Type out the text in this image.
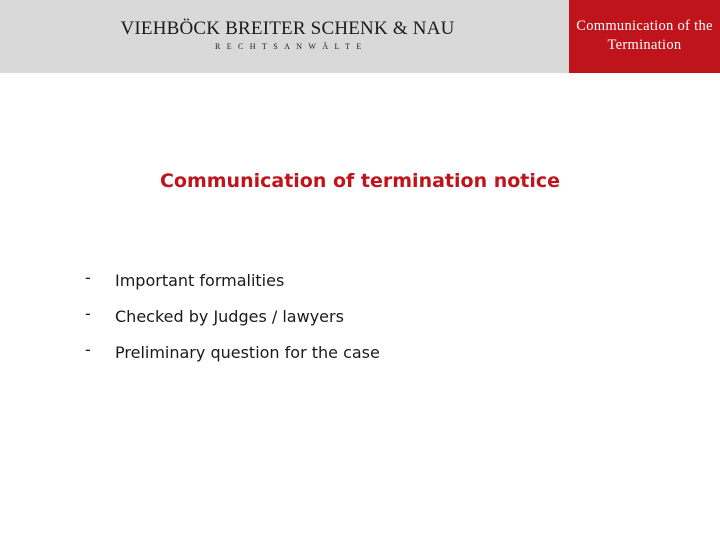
VIEHBÖCK BREITER SCHENK & NAU
RECHTSANWÄLTE
Communication of the Termination
Communication of termination notice
- Important formalities
- Checked by Judges / lawyers
- Preliminary question for the case
